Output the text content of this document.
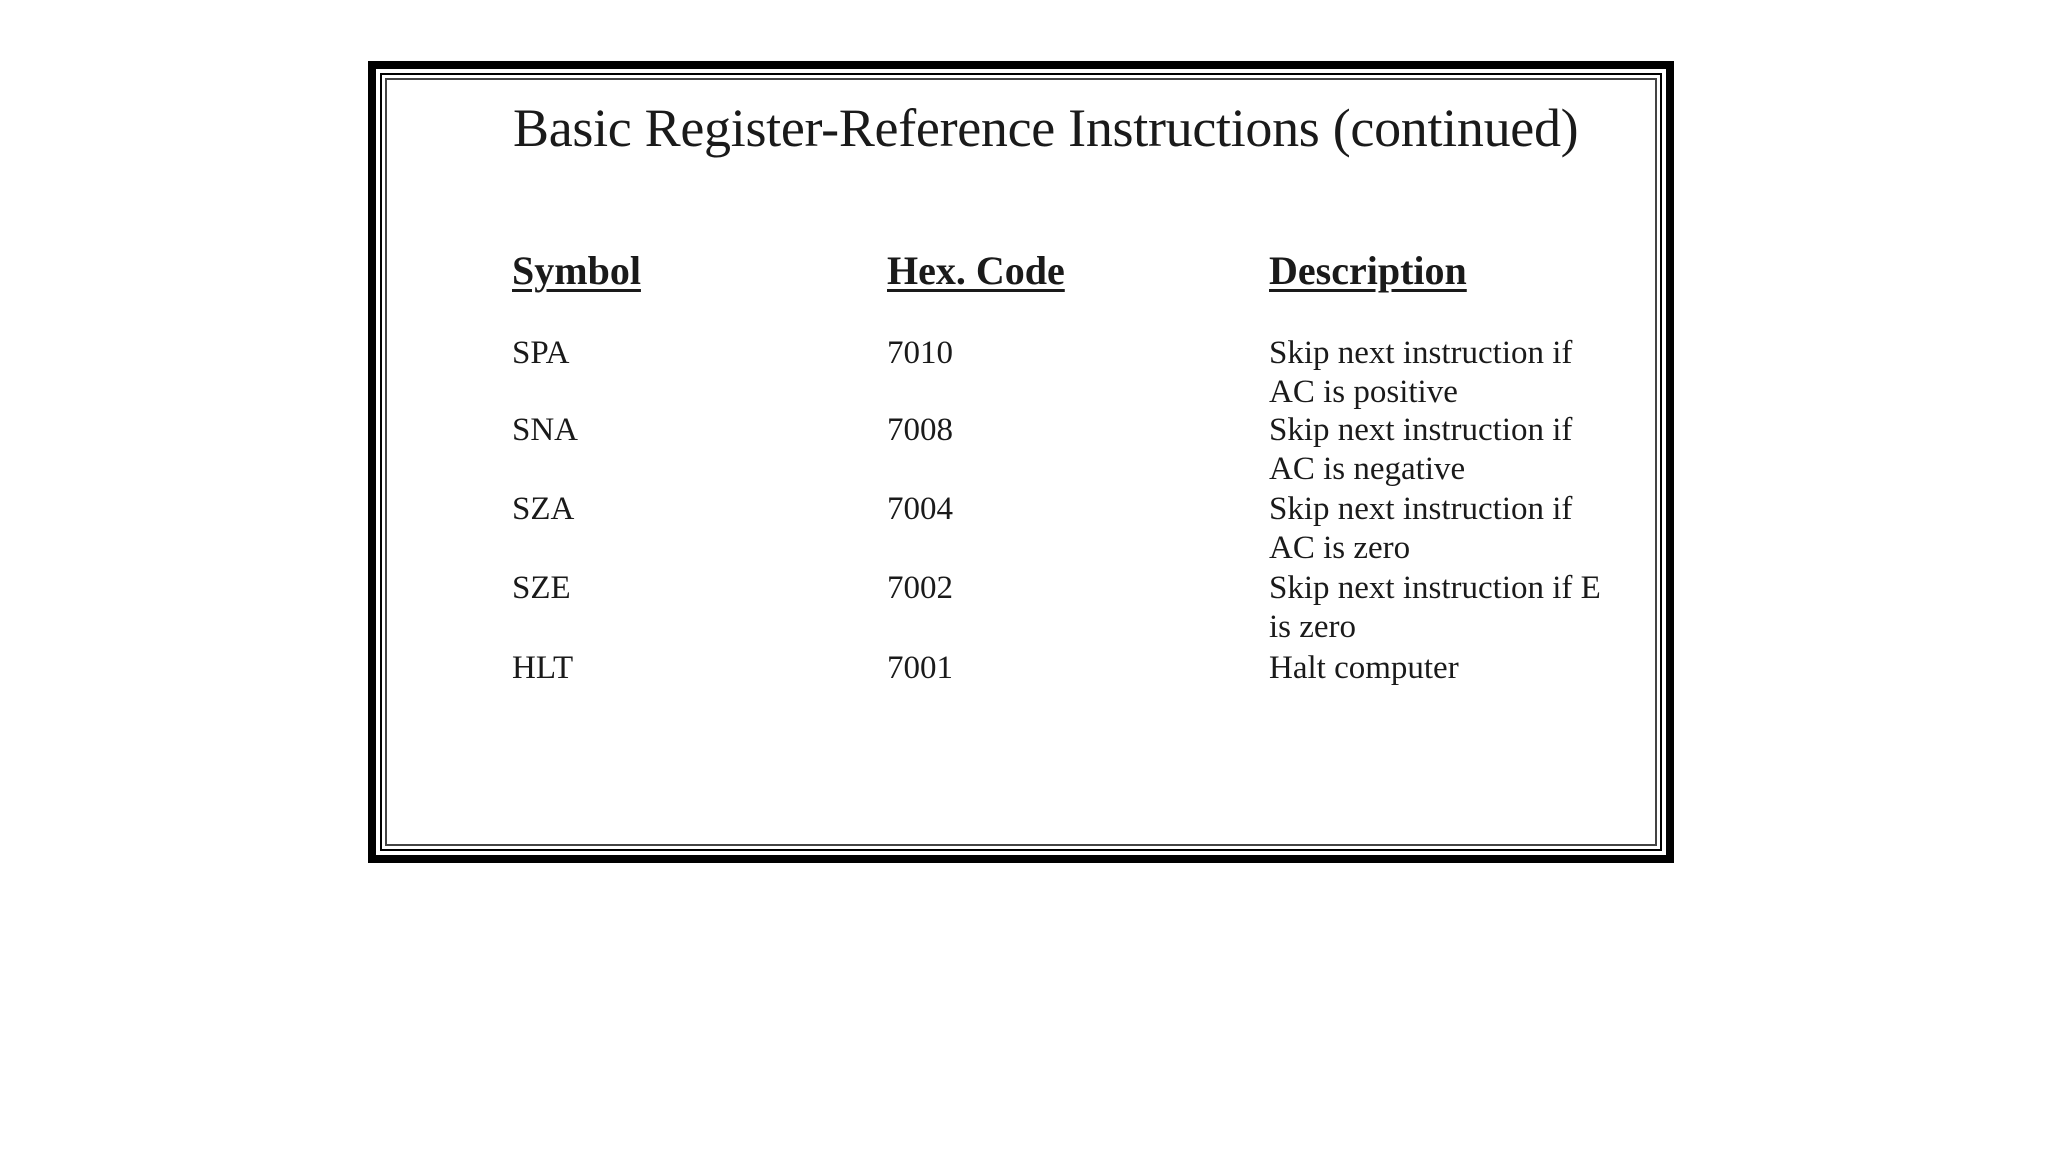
Basic Register-Reference Instructions (continued)
Symbol	Hex. Code	Description
SPA	7010	Skip next instruction if
AC is positive
SNA	7008	Skip next instruction if
AC is negative
SZA	7004	Skip next instruction if
AC is zero
SZE	7002	Skip next instruction if E
is zero
HLT	7001	Halt computer
